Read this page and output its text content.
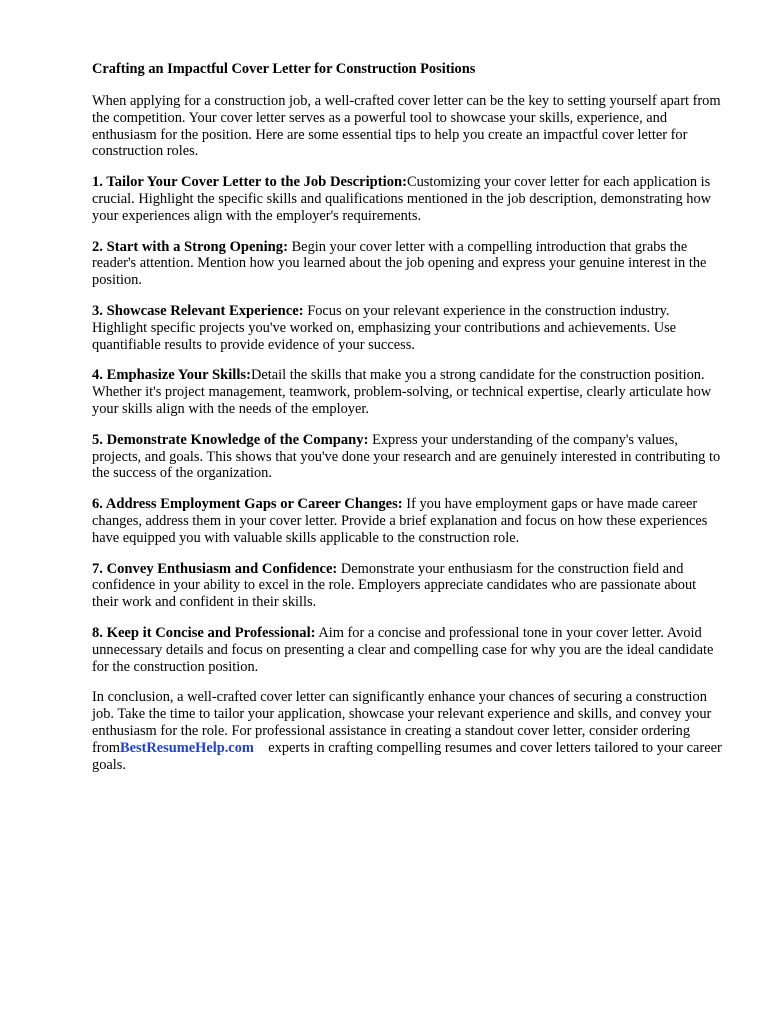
Crafting an Impactful Cover Letter for Construction Positions

When applying for a construction job, a well-crafted cover letter can be the key to setting yourself apart from the competition. Your cover letter serves as a powerful tool to showcase your skills, experience, and enthusiasm for the position. Here are some essential tips to help you create an impactful cover letter for construction roles.

1. Tailor Your Cover Letter to the Job Description:Customizing your cover letter for each application is crucial. Highlight the specific skills and qualifications mentioned in the job description, demonstrating how your experiences align with the employer's requirements.

2. Start with a Strong Opening: Begin your cover letter with a compelling introduction that grabs the reader's attention. Mention how you learned about the job opening and express your genuine interest in the position.

3. Showcase Relevant Experience: Focus on your relevant experience in the construction industry. Highlight specific projects you've worked on, emphasizing your contributions and achievements. Use quantifiable results to provide evidence of your success.

4. Emphasize Your Skills:Detail the skills that make you a strong candidate for the construction position. Whether it's project management, teamwork, problem-solving, or technical expertise, clearly articulate how your skills align with the needs of the employer.

5. Demonstrate Knowledge of the Company: Express your understanding of the company's values, projects, and goals. This shows that you've done your research and are genuinely interested in contributing to the success of the organization.

6. Address Employment Gaps or Career Changes: If you have employment gaps or have made career changes, address them in your cover letter. Provide a brief explanation and focus on how these experiences have equipped you with valuable skills applicable to the construction role.

7. Convey Enthusiasm and Confidence: Demonstrate your enthusiasm for the construction field and confidence in your ability to excel in the role. Employers appreciate candidates who are passionate about their work and confident in their skills.

8. Keep it Concise and Professional: Aim for a concise and professional tone in your cover letter. Avoid unnecessary details and focus on presenting a clear and compelling case for why you are the ideal candidate for the construction position.

In conclusion, a well-crafted cover letter can significantly enhance your chances of securing a construction job. Take the time to tailor your application, showcase your relevant experience and skills, and convey your enthusiasm for the role. For professional assistance in creating a standout cover letter, consider ordering fromBestResumeHelp.com experts in crafting compelling resumes and cover letters tailored to your career goals.
